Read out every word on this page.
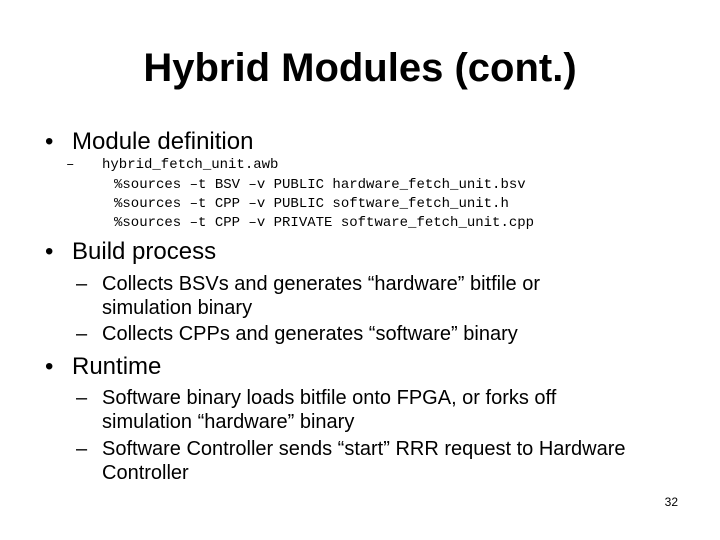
Hybrid Modules (cont.)
• Module definition

–

hybrid_fetch_unit.awb

%sources –t BSV –v PUBLIC hardware_fetch_unit.bsv

%sources –t CPP –v PUBLIC software_fetch_unit.h

%sources –t CPP –v PRIVATE software_fetch_unit.cpp

• Build process
– Collects BSVs and generates “hardware” bitfile or simulation binary
– Collects CPPs and generates “software” binary
• Runtime
– Software binary loads bitfile onto FPGA, or forks off simulation “hardware” binary
– Software Controller sends “start” RRR request to Hardware Controller
32
